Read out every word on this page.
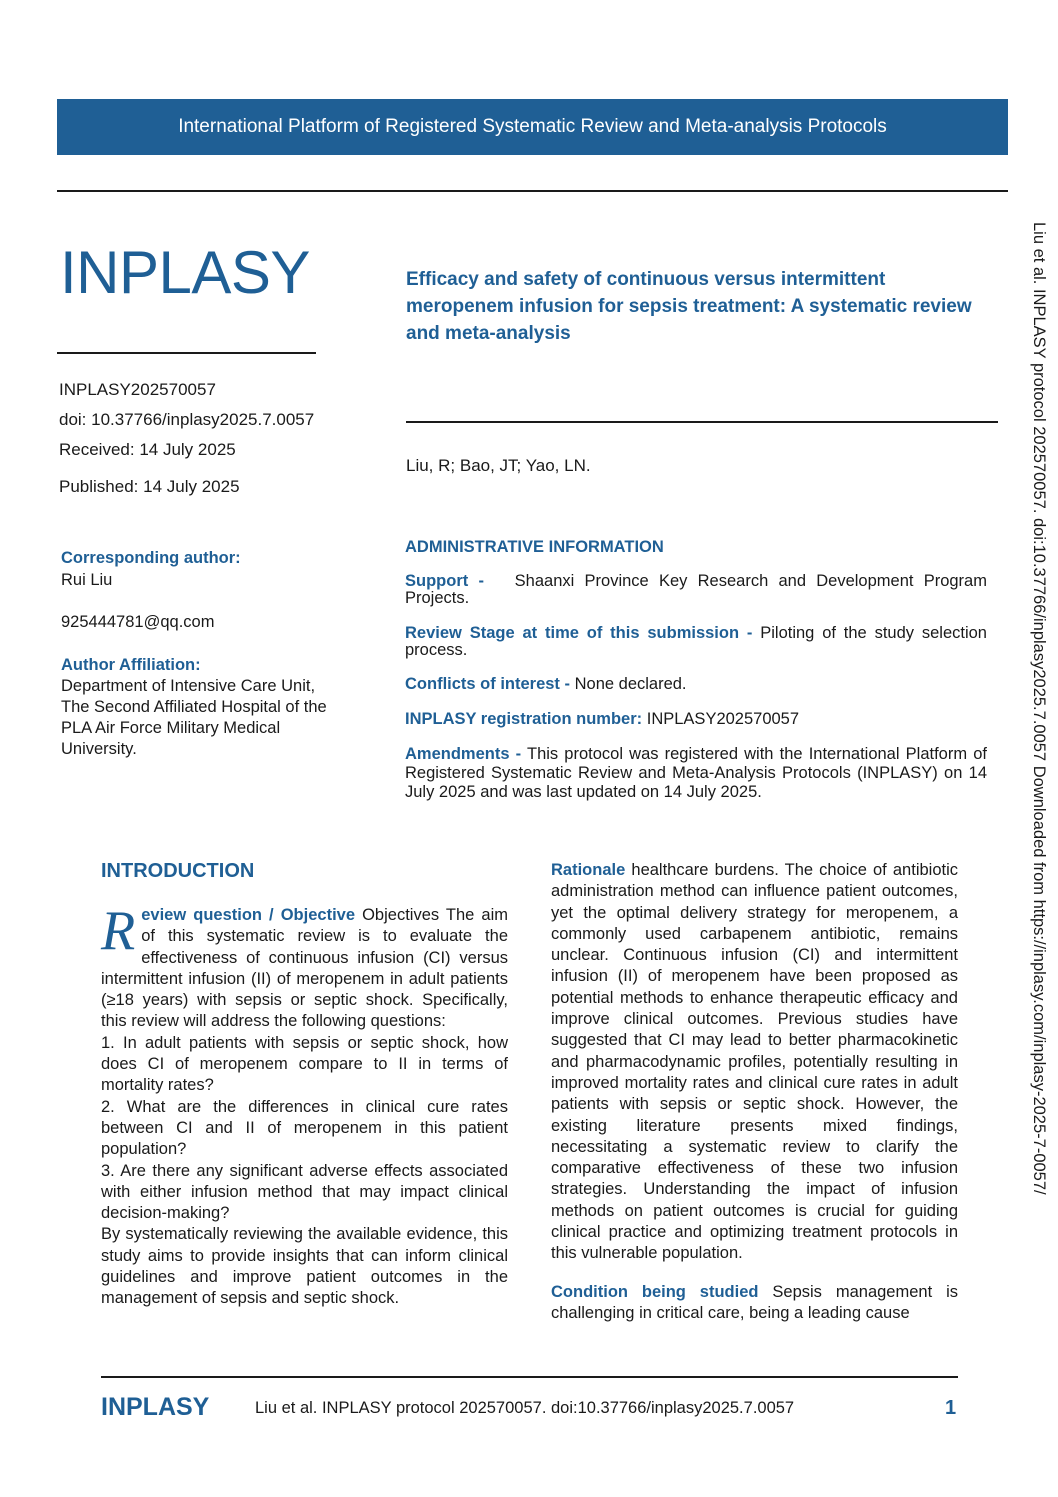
International Platform of Registered Systematic Review and Meta-analysis Protocols
INPLASY	Efficacy and safety of continuous versus intermittent meropenem infusion for sepsis treatment: A systematic review and meta-analysis
INPLASY202570057
doi: 10.37766/inplasy2025.7.0057
Received: 14 July 2025
Published: 14 July 2025
Liu, R; Bao, JT; Yao, LN.
Corresponding author:
Rui Liu
925444781@qq.com
Author Affiliation:
Department of Intensive Care Unit,
The Second Affiliated Hospital of the
PLA Air Force Military Medical
University.
ADMINISTRATIVE INFORMATION
Support - Shaanxi Province Key Research and Development Program Projects.
Review Stage at time of this submission - Piloting of the study selection process.
Conflicts of interest - None declared.
INPLASY registration number: INPLASY202570057
Amendments - This protocol was registered with the International Platform of Registered Systematic Review and Meta-Analysis Protocols (INPLASY) on 14 July 2025 and was last updated on 14 July 2025.	Liu et al. INPLASY protocol 202570057. doi:10.37766/inplasy2025.7.0057 Downloaded from https://inplasy.com/inplasy-2025-7-0057/
INTRODUCTION
R eview question / Objective Objectives The aim of this systematic review is to evaluate the effectiveness of continuous infusion (CI) versus intermittent infusion (II) of meropenem in adult patients (≥18 years) with sepsis or septic shock. Specifically, this review will address the following questions:

1. In adult patients with sepsis or septic shock, how does CI of meropenem compare to II in terms of mortality rates?

2. What are the differences in clinical cure rates between CI and II of meropenem in this patient population?

3. Are there any significant adverse effects associated with either infusion method that may impact clinical decision-making?

By systematically reviewing the available evidence, this study aims to provide insights that can inform clinical guidelines and improve patient outcomes in the management of sepsis and septic shock.

Rationale healthcare burdens. The choice of antibiotic administration method can influence patient outcomes, yet the optimal delivery strategy for meropenem, a commonly used carbapenem antibiotic, remains unclear. Continuous infusion (CI) and intermittent infusion (II) of meropenem have been proposed as potential methods to enhance therapeutic efficacy and improve clinical outcomes. Previous studies have suggested that CI may lead to better pharmacokinetic and pharmacodynamic profiles, potentially resulting in improved mortality rates and clinical cure rates in adult patients with sepsis or septic shock. However, the existing literature presents mixed findings, necessitating a systematic review to clarify the comparative effectiveness of these two infusion strategies. Understanding the impact of infusion methods on patient outcomes is crucial for guiding clinical practice and optimizing treatment protocols in this vulnerable population.

Condition being studied Sepsis management is challenging in critical care, being a leading cause

INPLASY	Liu et al. INPLASY protocol 202570057. doi:10.37766/inplasy2025.7.0057	1
